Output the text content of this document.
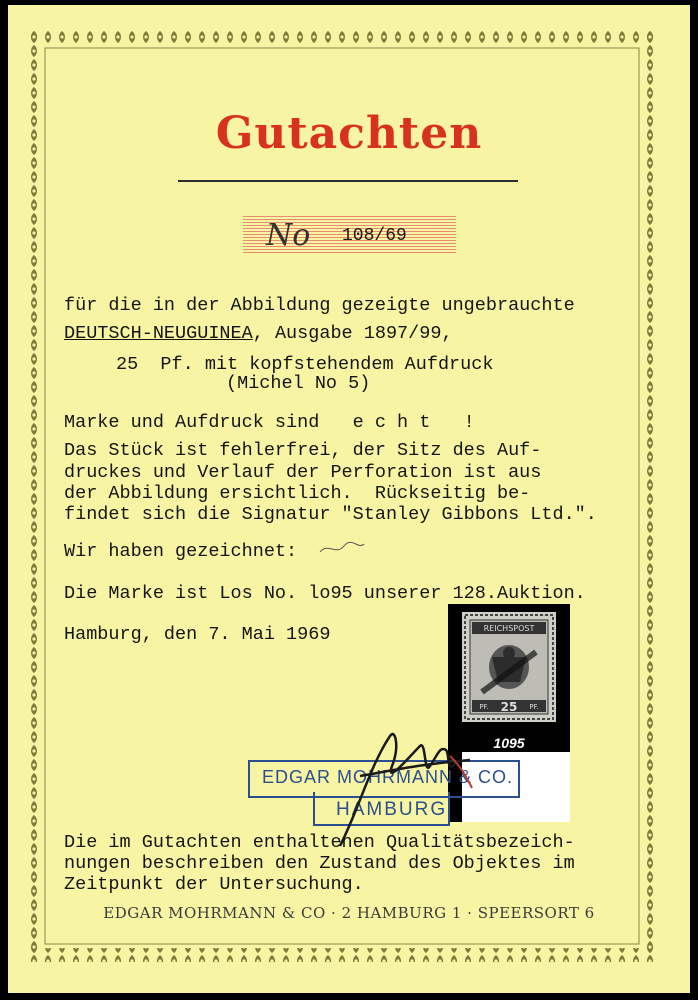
Gutachten
No 108/69
für die in der Abbildung gezeigte ungebrauchte
DEUTSCH-NEUGUINEA, Ausgabe 1897/99,
25  Pf. mit kopfstehendem Aufdruck
(Michel No 5)
Marke und Aufdruck sind   e c h t   !
Das Stück ist fehlerfrei, der Sitz des Auf-
druckes und Verlauf der Perforation ist aus
der Abbildung ersichtlich.  Rückseitig be-
findet sich die Signatur "Stanley Gibbons Ltd.".
Wir haben gezeichnet:
Die Marke ist Los No. lo95 unserer 128.Auktion.
Hamburg, den 7. Mai 1969	REICHSPOST
PF. 25 PF.
1095
EDGAR MOHRMANN & CO.
HAMBURG
Die im Gutachten enthaltenen Qualitätsbezeich-
nungen beschreiben den Zustand des Objektes im
Zeitpunkt der Untersuchung.
EDGAR MOHRMANN & CO · 2 HAMBURG 1 · SPEERSORT 6
